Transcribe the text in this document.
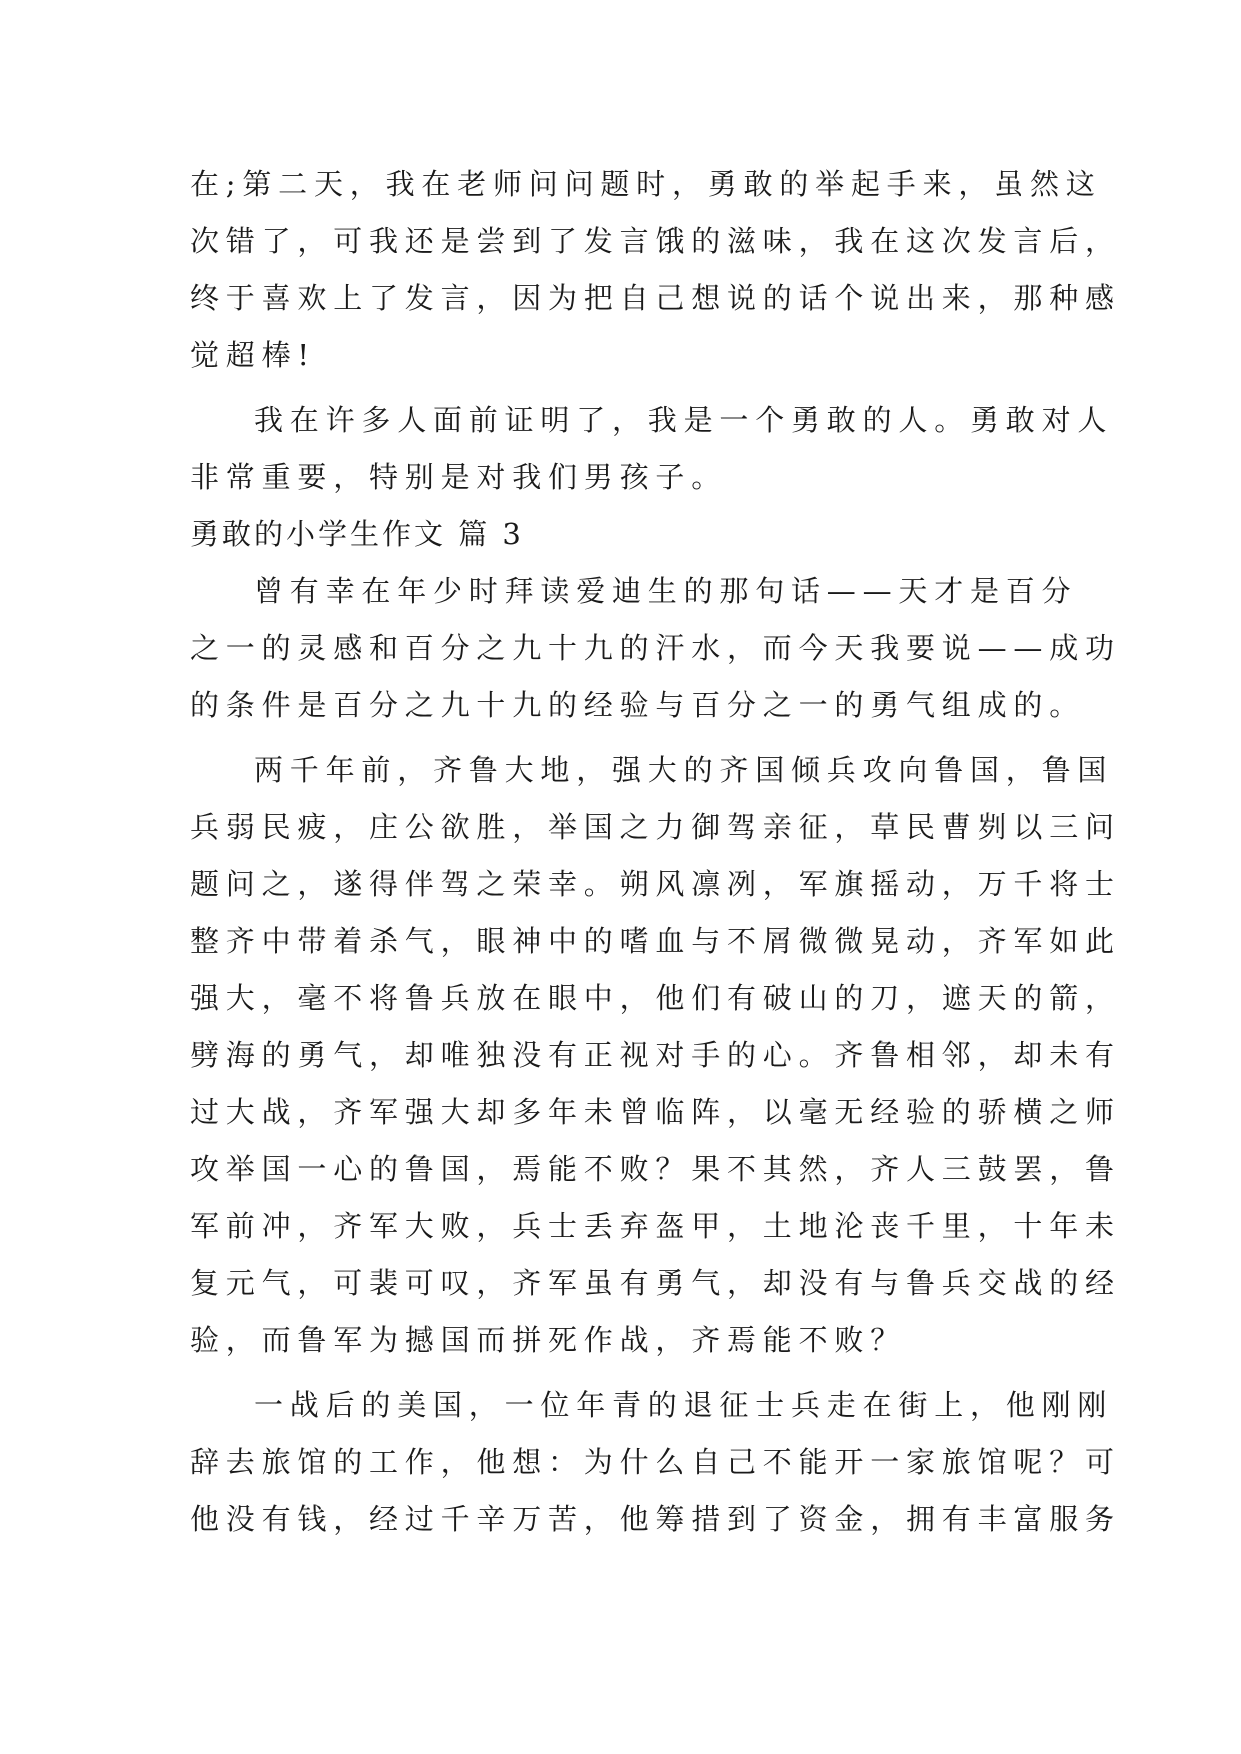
在;第二天，我在老师问问题时，勇敢的举起手来，虽然这
次错了，可我还是尝到了发言饿的滋味，我在这次发言后，
终于喜欢上了发言，因为把自己想说的话个说出来，那种感
觉超棒!
我在许多人面前证明了，我是一个勇敢的人。勇敢对人
非常重要，特别是对我们男孩子。
勇敢的小学生作文 篇 3
曾有幸在年少时拜读爱迪生的那句话——天才是百分
之一的灵感和百分之九十九的汗水，而今天我要说——成功
的条件是百分之九十九的经验与百分之一的勇气组成的。
两千年前，齐鲁大地，强大的齐国倾兵攻向鲁国，鲁国
兵弱民疲，庄公欲胜，举国之力御驾亲征，草民曹刿以三问
题问之，遂得伴驾之荣幸。朔风凛冽，军旗摇动，万千将士
整齐中带着杀气，眼神中的嗜血与不屑微微晃动，齐军如此
强大，毫不将鲁兵放在眼中，他们有破山的刀，遮天的箭，
劈海的勇气，却唯独没有正视对手的心。齐鲁相邻，却未有
过大战，齐军强大却多年未曾临阵，以毫无经验的骄横之师
攻举国一心的鲁国，焉能不败？果不其然，齐人三鼓罢，鲁
军前冲，齐军大败，兵士丢弃盔甲，土地沦丧千里，十年未
复元气，可裴可叹，齐军虽有勇气，却没有与鲁兵交战的经
验，而鲁军为撼国而拼死作战，齐焉能不败？
一战后的美国，一位年青的退征士兵走在街上，他刚刚
辞去旅馆的工作，他想：为什么自己不能开一家旅馆呢？可
他没有钱，经过千辛万苦，他筹措到了资金，拥有丰富服务
